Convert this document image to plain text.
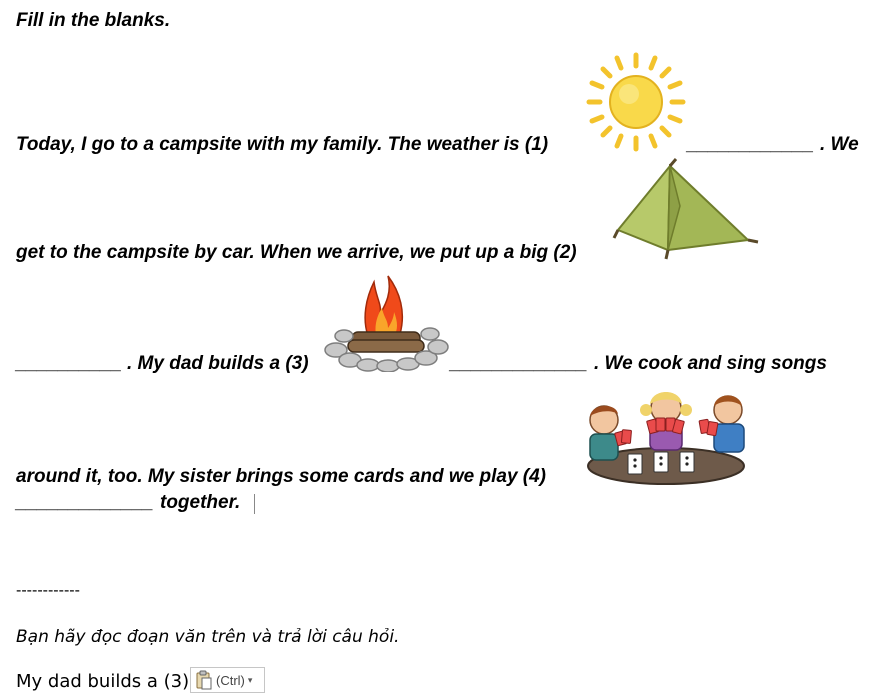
Fill in the blanks.
Today, I go to a campsite with my family. The weather is (1)	____________ . We
get to the campsite by car. When we arrive, we put up a big (2)
__________ . My dad builds a (3)	_____________ . We cook and sing songs
around it, too. My sister brings some cards and we play (4)
_____________ together.
------------
Bạn hãy đọc đoạn văn trên và trả lời câu hỏi.
My dad builds a (3) (Ctrl) ▾
